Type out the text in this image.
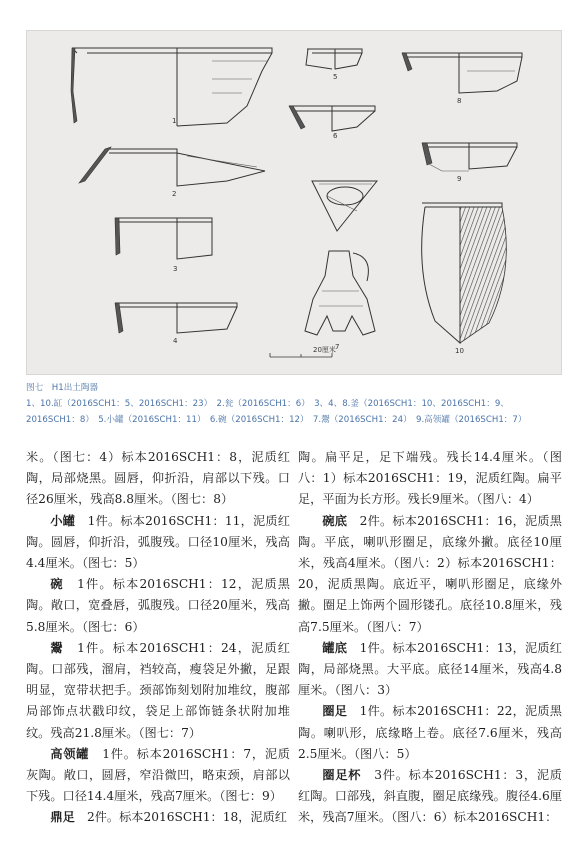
1
5
8
6
2
9
3
7
4
10
20厘米
图七　H1出土陶器
1、10.缸（2016SCH1：5、2016SCH1：23）　2.瓮（2016SCH1：6）　3、4、8.釜（2016SCH1：10、2016SCH1：9、
2016SCH1：8）　5.小罐（2016SCH1：11）　6.碗（2016SCH1：12）　7.鬶（2016SCH1：24）　9.高领罐（2016SCH1：7）

米。（图七：4）标本2016SCH1：8，泥质红陶，局部烧黑。圆唇，仰折沿，肩部以下残。口径26厘米，残高8.8厘米。（图七：8）

小罐　1件。标本2016SCH1：11，泥质红陶。圆唇，仰折沿，弧腹残。口径10厘米，残高4.4厘米。（图七：5）

碗　1件。标本2016SCH1：12，泥质黑陶。敞口，宽叠唇，弧腹残。口径20厘米，残高5.8厘米。（图七：6）

鬶　1件。标本2016SCH1：24，泥质红陶。口部残，溜肩，裆较高，瘦袋足外撇，足跟明显，宽带状把手。颈部饰刻划附加堆纹，腹部局部饰点状戳印纹，袋足上部饰链条状附加堆纹。残高21.8厘米。（图七：7）

高领罐　1件。标本2016SCH1：7，泥质灰陶。敞口，圆唇，窄沿微凹，略束颈，肩部以下残。口径14.4厘米，残高7厘米。（图七：9）

鼎足　2件。标本2016SCH1：18，泥质红

陶。扁平足，足下端残。残长14.4厘米。（图八：1）标本2016SCH1：19，泥质红陶。扁平足，平面为长方形。残长9厘米。（图八：4）

碗底　2件。标本2016SCH1：16，泥质黑陶。平底，喇叭形圈足，底缘外撇。底径10厘米，残高4厘米。（图八：2）标本2016SCH1：20，泥质黑陶。底近平，喇叭形圈足，底缘外撇。圈足上饰两个圆形镂孔。底径10.8厘米，残高7.5厘米。（图八：7）

罐底　1件。标本2016SCH1：13，泥质红陶，局部烧黑。大平底。底径14厘米，残高4.8厘米。（图八：3）

圈足　1件。标本2016SCH1：22，泥质黑陶。喇叭形，底缘略上卷。底径7.6厘米，残高2.5厘米。（图八：5）

圈足杯　3件。标本2016SCH1：3，泥质红陶。口部残，斜直腹，圈足底缘残。腹径4.6厘米，残高7厘米。（图八：6）标本2016SCH1：
